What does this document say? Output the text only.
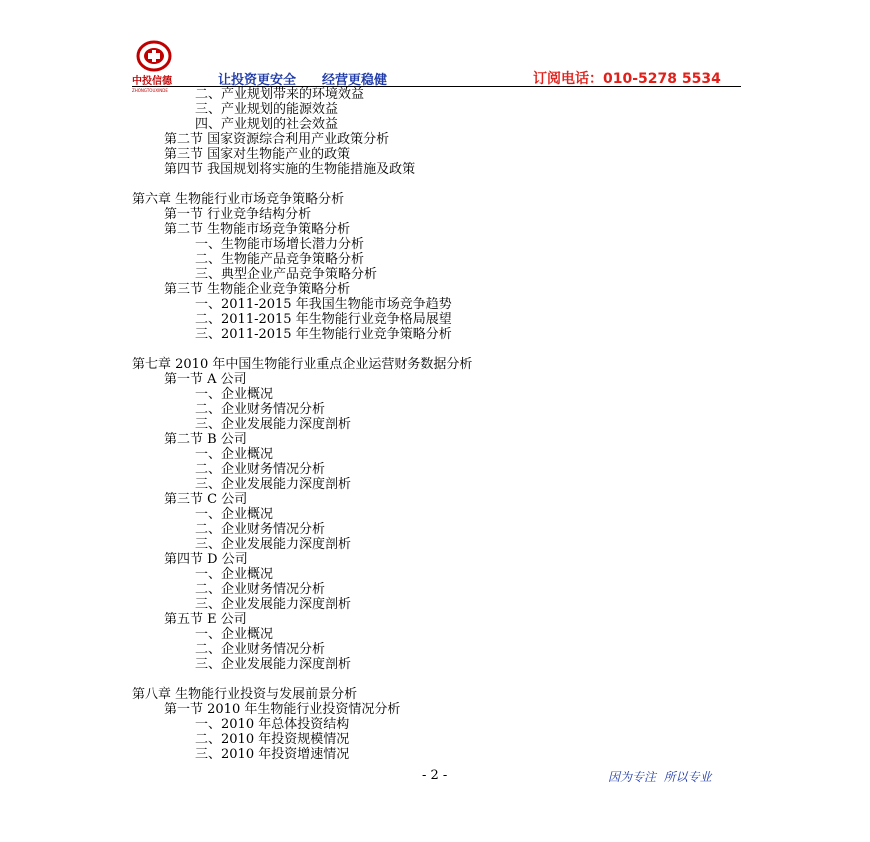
中投信德
ZHONGTOUXINDE
让投资更安全　　经营更稳健	订阅电话：010-5278 5534
二、产业规划带来的环境效益
三、产业规划的能源效益
四、产业规划的社会效益
第二节 国家资源综合利用产业政策分析
第三节 国家对生物能产业的政策
第四节 我国规划将实施的生物能措施及政策
第六章 生物能行业市场竞争策略分析
第一节 行业竞争结构分析
第二节 生物能市场竞争策略分析
一、生物能市场增长潜力分析
二、生物能产品竞争策略分析
三、典型企业产品竞争策略分析
第三节 生物能企业竞争策略分析
一、2011-2015 年我国生物能市场竞争趋势
二、2011-2015 年生物能行业竞争格局展望
三、2011-2015 年生物能行业竞争策略分析
第七章 2010 年中国生物能行业重点企业运营财务数据分析
第一节 A 公司
一、企业概况
二、企业财务情况分析
三、企业发展能力深度剖析
第二节 B 公司
一、企业概况
二、企业财务情况分析
三、企业发展能力深度剖析
第三节 C 公司
一、企业概况
二、企业财务情况分析
三、企业发展能力深度剖析
第四节 D 公司
一、企业概况
二、企业财务情况分析
三、企业发展能力深度剖析
第五节 E 公司
一、企业概况
二、企业财务情况分析
三、企业发展能力深度剖析
第八章 生物能行业投资与发展前景分析
第一节 2010 年生物能行业投资情况分析
一、2010 年总体投资结构
二、2010 年投资规模情况
三、2010 年投资增速情况
- 2 -	因为专注  所以专业
